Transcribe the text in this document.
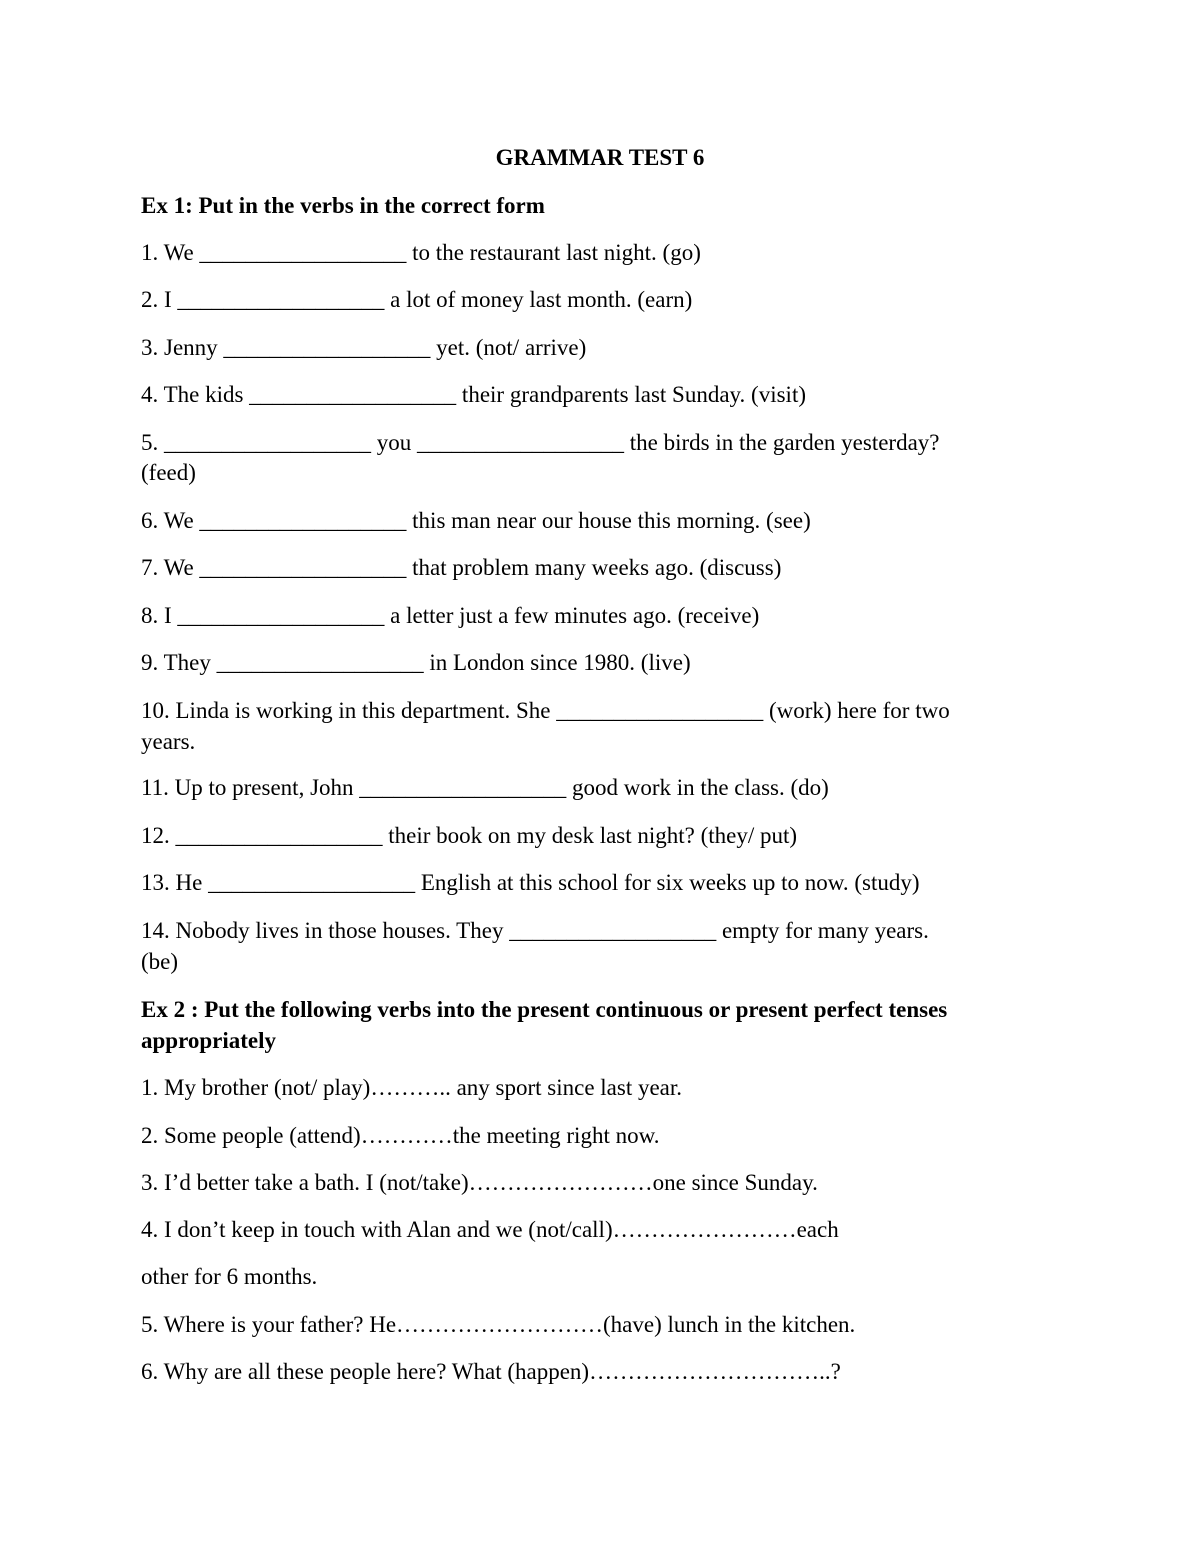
GRAMMAR TEST 6
Ex 1: Put in the verbs in the correct form
1. We __________________ to the restaurant last night. (go)
2. I __________________ a lot of money last month. (earn)
3. Jenny __________________ yet. (not/ arrive)
4. The kids __________________ their grandparents last Sunday. (visit)
5. __________________ you __________________ the birds in the garden yesterday?
(feed)
6. We __________________ this man near our house this morning. (see)
7. We __________________ that problem many weeks ago. (discuss)
8. I __________________ a letter just a few minutes ago. (receive)
9. They __________________ in London since 1980. (live)
10. Linda is working in this department. She __________________ (work) here for two
years.
11. Up to present, John __________________ good work in the class. (do)
12. __________________ their book on my desk last night? (they/ put)
13. He __________________ English at this school for six weeks up to now. (study)
14. Nobody lives in those houses. They __________________ empty for many years.
(be)
Ex 2 : Put the following verbs into the present continuous or present perfect tenses
appropriately
1. My brother (not/ play)……….. any sport since last year.
2. Some people (attend)…………the meeting right now.
3. I’d better take a bath. I (not/take)……………………one since Sunday.
4. I don’t keep in touch with Alan and we (not/call)……………………each
other for 6 months.
5. Where is your father? He………………………(have) lunch in the kitchen.
6. Why are all these people here? What (happen)…………………………..?
